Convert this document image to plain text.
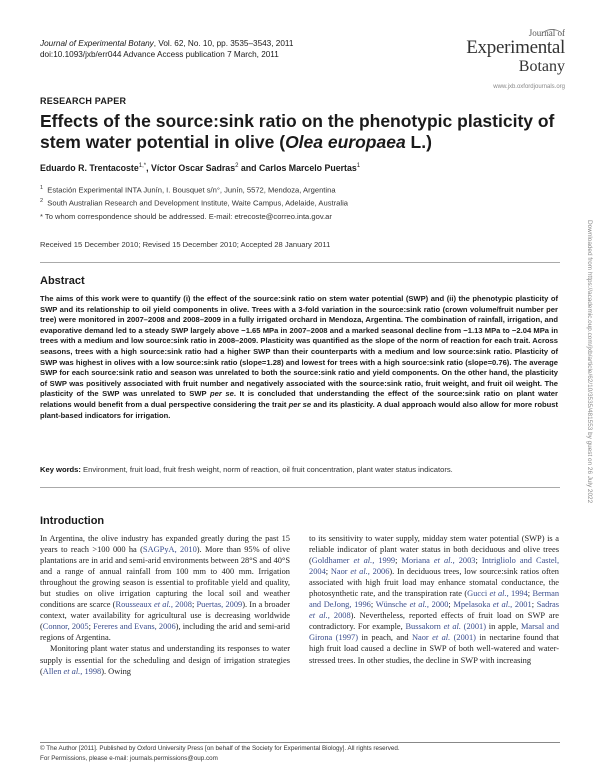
Journal of Experimental Botany, Vol. 62, No. 10, pp. 3535–3543, 2011
doi:10.1093/jxb/err044 Advance Access publication 7 March, 2011
Journal of
Experimental
Botany
www.jxb.oxfordjournals.org
RESEARCH PAPER
Effects of the source:sink ratio on the phenotypic plasticity of stem water potential in olive (Olea europaea L.)
Eduardo R. Trentacoste$^{1,*}$, Víctor Oscar Sadras$^2$ and Carlos Marcelo Puertas$^1$
$^1$ Estación Experimental INTA Junín, I. Bousquet s/n°, Junín, 5572, Mendoza, Argentina
$^2$ South Australian Research and Development Institute, Waite Campus, Adelaide, Australia
* To whom correspondence should be addressed. E-mail: etrecoste@correo.inta.gov.ar
Received 15 December 2010; Revised 15 December 2010; Accepted 28 January 2011
Abstract
The aims of this work were to quantify (i) the effect of the source:sink ratio on stem water potential (SWP) and (ii) the phenotypic plasticity of SWP and its relationship to oil yield components in olive. Trees with a 3-fold variation in the source:sink ratio (crown volume/fruit number per tree) were monitored in 2007–2008 and 2008–2009 in a fully irrigated orchard in Mendoza, Argentina. The combination of rainfall, irrigation, and evaporative demand led to a steady SWP largely above −1.65 MPa in 2007–2008 and a marked seasonal decline from −1.13 MPa to −2.04 MPa in trees with a medium and low source:sink ratio in 2008–2009. Plasticity was quantified as the slope of the norm of reaction for each trait. Across seasons, trees with a high source:sink ratio had a higher SWP than their counterparts with a medium and low source:sink ratio. Plasticity of SWP was highest in olives with a low source:sink ratio (slope=1.28) and lowest for trees with a high source:sink ratio (slope=0.76). The average SWP for each source:sink ratio and season was unrelated to both the source:sink ratio and yield components. On the other hand, the plasticity of SWP was positively associated with fruit number and negatively associated with the source:sink ratio, fruit weight, and fruit oil weight. The plasticity of the SWP was unrelated to SWP per se. It is concluded that understanding the effect of the source:sink ratio on plant water relations would benefit from a dual perspective considering the trait per se and its plasticity. A dual approach would also allow for more robust plant-based indicators for irrigation.
Key words: Environment, fruit load, fruit fresh weight, norm of reaction, oil fruit concentration, plant water status indicators.
Introduction
In Argentina, the olive industry has expanded greatly during the past 15 years to reach >100 000 ha (SAGPyA, 2010). More than 95% of olive plantations are in arid and semi-arid environments between 28°S and 40°S and a range of annual rainfall from 100 mm to 400 mm. Irrigation throughout the growing season is essential to profitable yield and quality, but studies on olive irrigation capturing the local soil and weather conditions are scarce (Rousseaux et al., 2008; Puertas, 2009). In a broader context, water availability for agricultural use is decreasing worldwide (Connor, 2005; Fereres and Evans, 2006), including the arid and semi-arid regions of Argentina.
Monitoring plant water status and understanding its responses to water supply is essential for the scheduling and design of irrigation strategies (Allen et al., 1998). Owing
to its sensitivity to water supply, midday stem water potential (SWP) is a reliable indicator of plant water status in both deciduous and olive trees (Goldhamer et al., 1999; Moriana et al., 2003; Intrigliolo and Castel, 2004; Naor et al., 2006). In deciduous trees, low source:sink ratios often associated with high fruit load may enhance stomatal conductance, the photosynthetic rate, and the transpiration rate (Gucci et al., 1994; Berman and DeJong, 1996; Wünsche et al., 2000; Mpelasoka et al., 2001; Sadras et al., 2008). Nevertheless, reported effects of fruit load on SWP are contradictory. For example, Bussakorn et al. (2001) in apple, Marsal and Girona (1997) in peach, and Naor et al. (2001) in nectarine found that high fruit load caused a decline in SWP of both well-watered and water-stressed trees. In other studies, the decline in SWP with increasing
© The Author [2011]. Published by Oxford University Press [on behalf of the Society for Experimental Biology]. All rights reserved.
For Permissions, please e-mail: journals.permissions@oup.com
Downloaded from https://academic.oup.com/jxb/article/62/10/3535/481553 by guest on 26 July 2022
